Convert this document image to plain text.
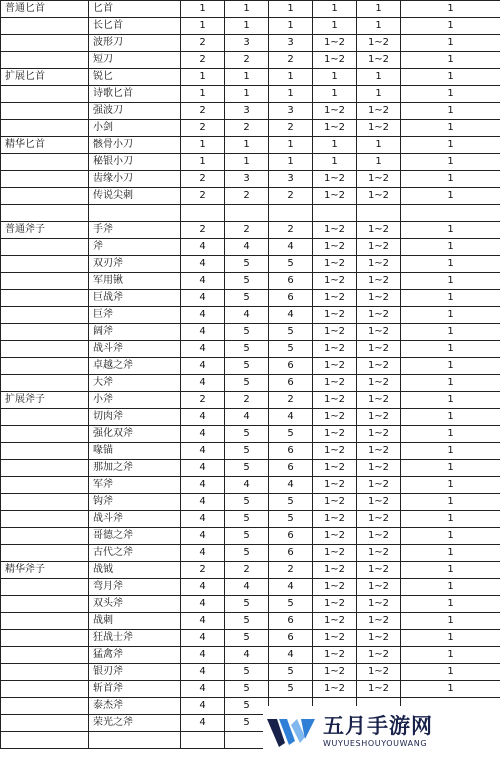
普通匕首	匕首	1	1	1	1	1	1
	长匕首	1	1	1	1	1	1
	波形刀	2	3	3	1~2	1~2	1
	短刀	2	2	2	1~2	1~2	1
扩展匕首	锐匕	1	1	1	1	1	1
	诗歌匕首	1	1	1	1	1	1
	强波刀	2	3	3	1~2	1~2	1
	小剑	2	2	2	1~2	1~2	1
精华匕首	骸骨小刀	1	1	1	1	1	1
	秘银小刀	1	1	1	1	1	1
	齿缘小刀	2	3	3	1~2	1~2	1
	传说尖刺	2	2	2	1~2	1~2	1

普通斧子	手斧	2	2	2	1~2	1~2	1
	斧	4	4	4	1~2	1~2	1
	双刃斧	4	5	5	1~2	1~2	1
	军用锹	4	5	6	1~2	1~2	1
	巨战斧	4	5	6	1~2	1~2	1
	巨斧	4	4	4	1~2	1~2	1
	阔斧	4	5	5	1~2	1~2	1
	战斗斧	4	5	5	1~2	1~2	1
	卓越之斧	4	5	6	1~2	1~2	1
	大斧	4	5	6	1~2	1~2	1
扩展斧子	小斧	2	2	2	1~2	1~2	1
	切肉斧	4	4	4	1~2	1~2	1
	强化双斧	4	5	5	1~2	1~2	1
	喙锚	4	5	6	1~2	1~2	1
	那加之斧	4	5	6	1~2	1~2	1
	军斧	4	4	4	1~2	1~2	1
	钩斧	4	5	5	1~2	1~2	1
	战斗斧	4	5	5	1~2	1~2	1
	哥德之斧	4	5	6	1~2	1~2	1
	古代之斧	4	5	6	1~2	1~2	1
精华斧子	战钺	2	2	2	1~2	1~2	1
	弯月斧	4	4	4	1~2	1~2	1
	双头斧	4	5	5	1~2	1~2	1
	战刺	4	5	6	1~2	1~2	1
	狂战士斧	4	5	6	1~2	1~2	1
	猛禽斧	4	4	4	1~2	1~2	1
	银刃斧	4	5	5	1~2	1~2	1
	斩首斧	4	5	5	1~2	1~2	1
	泰杰斧	4	5				
	荣光之斧	4	5				
								五月手游网
WUYUESHOUYOUWANG
